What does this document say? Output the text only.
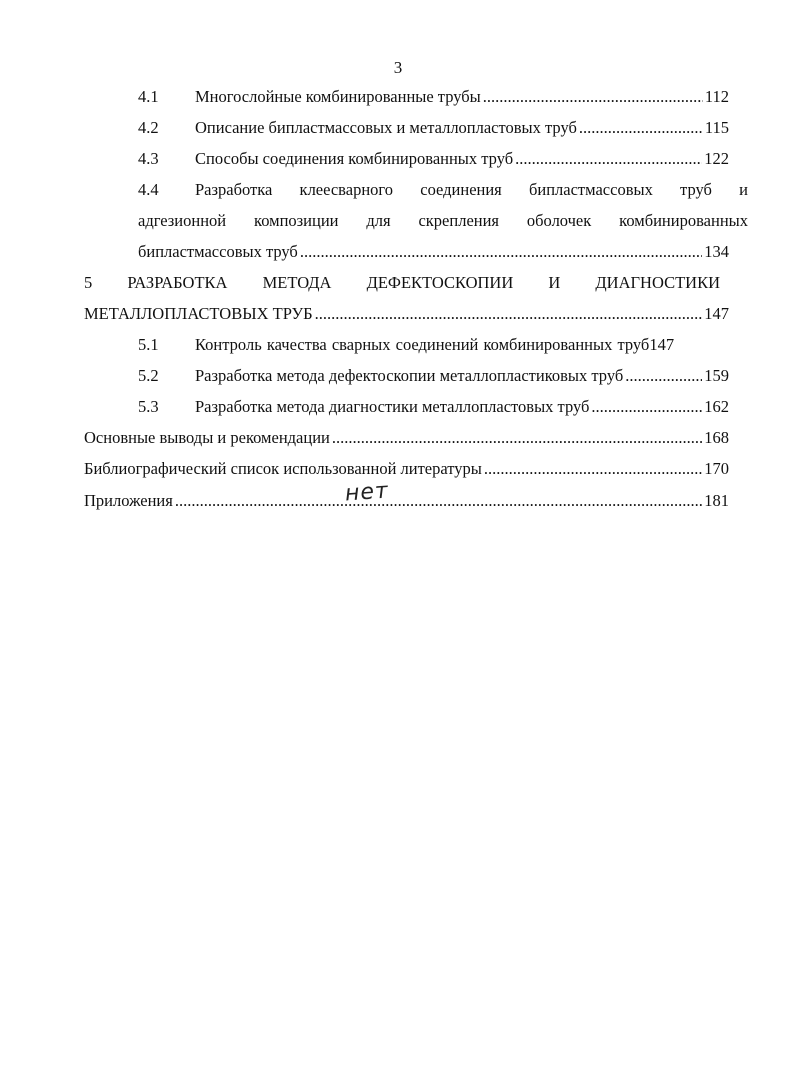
3
4.1 Многослойные комбинированные трубы .....	112
4.2 Описание бипластмассовых и металлопластовых труб .....	115
4.3 Способы соединения комбинированных труб .....	122
4.4 Разработка клеесварного соединения бипластмассовых труб и
адгезионной композиции для скрепления оболочек комбинированных
бипластмассовых труб .....	134
5 РАЗРАБОТКА МЕТОДА ДЕФЕКТОСКОПИИ И ДИАГНОСТИКИ
МЕТАЛЛОПЛАСТОВЫХ ТРУБ .....	147
5.1 Контроль качества сварных соединений комбинированных труб 147
5.2 Разработка метода дефектоскопии металлопластиковых труб .....	159
5.3 Разработка метода диагностики металлопластовых труб .....	162
Основные выводы и рекомендации .....	168
Библиографический список использованной литературы .....	170
Приложения .....	181
нет
